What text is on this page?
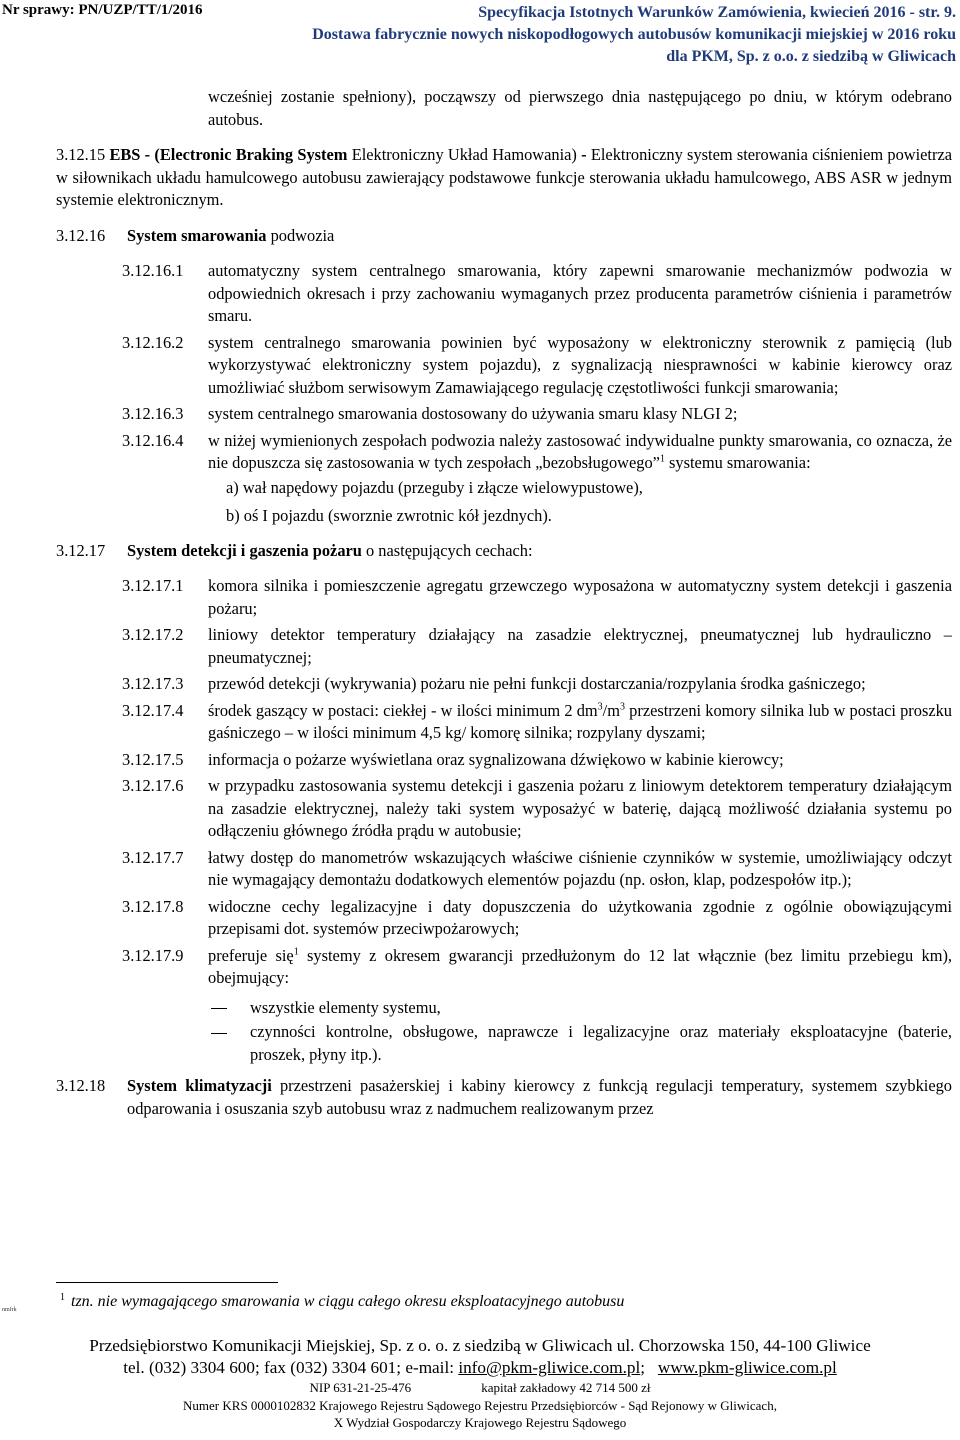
Nr sprawy: PN/UZP/TT/1/2016	Specyfikacja Istotnych Warunków Zamówienia, kwiecień 2016 - str. 9.
Dostawa fabrycznie nowych niskopodłogowych autobusów komunikacji miejskiej w 2016 roku
dla PKM, Sp. z o.o. z siedzibą w Gliwicach

wcześniej zostanie spełniony), począwszy od pierwszego dnia następującego po dniu, w którym odebrano autobus.

3.12.15 EBS - (Electronic Braking System Elektroniczny Układ Hamowania) - Elektroniczny system sterowania ciśnieniem powietrza w siłownikach układu hamulcowego autobusu zawierający podstawowe funkcje sterowania układu hamulcowego, ABS ASR w jednym systemie elektronicznym.
3.12.16	System smarowania podwozia
3.12.16.1	automatyczny system centralnego smarowania, który zapewni smarowanie mechanizmów podwozia w odpowiednich okresach i przy zachowaniu wymaganych przez producenta parametrów ciśnienia i parametrów smaru.
3.12.16.2	system centralnego smarowania powinien być wyposażony w elektroniczny sterownik z pamięcią (lub wykorzystywać elektroniczny system pojazdu), z sygnalizacją niesprawności w kabinie kierowcy oraz umożliwiać służbom serwisowym Zamawiającego regulację częstotliwości funkcji smarowania;
3.12.16.3	system centralnego smarowania dostosowany do używania smaru klasy NLGI 2;
3.12.16.4	w niżej wymienionych zespołach podwozia należy zastosować indywidualne punkty smarowania, co oznacza, że nie dopuszcza się zastosowania w tych zespołach „bezobsługowego”$^1$ systemu smarowania:
a) wał napędowy pojazdu (przeguby i złącze wielowypustowe),
b) oś I pojazdu (sworznie zwrotnic kół jezdnych).
3.12.17	System detekcji i gaszenia pożaru o następujących cechach:
3.12.17.1	komora silnika i pomieszczenie agregatu grzewczego wyposażona w automatyczny system detekcji i gaszenia pożaru;
3.12.17.2	liniowy detektor temperatury działający na zasadzie elektrycznej, pneumatycznej lub hydrauliczno – pneumatycznej;
3.12.17.3	przewód detekcji (wykrywania) pożaru nie pełni funkcji dostarczania/rozpylania środka gaśniczego;
3.12.17.4	środek gaszący w postaci: ciekłej - w ilości minimum 2 $dm^3/m^3$ przestrzeni komory silnika lub w postaci proszku gaśniczego – w ilości minimum 4,5 kg/ komorę silnika; rozpylany dyszami;
3.12.17.5	informacja o pożarze wyświetlana oraz sygnalizowana dźwiękowo w kabinie kierowcy;
3.12.17.6	w przypadku zastosowania systemu detekcji i gaszenia pożaru z liniowym detektorem temperatury działającym na zasadzie elektrycznej, należy taki system wyposażyć w baterię, dającą możliwość działania systemu po odłączeniu głównego źródła prądu w autobusie;
3.12.17.7	łatwy dostęp do manometrów wskazujących właściwe ciśnienie czynników w systemie, umożliwiający odczyt nie wymagający demontażu dodatkowych elementów pojazdu (np. osłon, klap, podzespołów itp.);
3.12.17.8	widoczne cechy legalizacyjne i daty dopuszczenia do użytkowania zgodnie z ogólnie obowiązującymi przepisami dot. systemów przeciwpożarowych;
3.12.17.9	preferuje się$^1$ systemy z okresem gwarancji przedłużonym do 12 lat włącznie (bez limitu przebiegu km), obejmujący:
wszystkie elementy systemu,
czynności kontrolne, obsługowe, naprawcze i legalizacyjne oraz materiały eksploatacyjne (baterie, proszek, płyny itp.).
3.12.18	System klimatyzacji przestrzeni pasażerskiej i kabiny kierowcy z funkcją regulacji temperatury, systemem szybkiego odparowania i osuszania szyb autobusu wraz z nadmuchem realizowanym przez
$^1$ tzn. nie wymagającego smarowania w ciągu całego okresu eksploatacyjnego autobusu
nmfrk
Przedsiębiorstwo Komunikacji Miejskiej, Sp. z o. o. z siedzibą w Gliwicach ul. Chorzowska 150, 44-100 Gliwice
tel. (032) 3304 600; fax (032) 3304 601; e-mail: info@pkm-gliwice.com.pl; www.pkm-gliwice.com.pl
NIP 631-21-25-476	kapitał zakładowy 42 714 500 zł
Numer KRS 0000102832 Krajowego Rejestru Sądowego Rejestru Przedsiębiorców - Sąd Rejonowy w Gliwicach,
X Wydział Gospodarczy Krajowego Rejestru Sądowego
